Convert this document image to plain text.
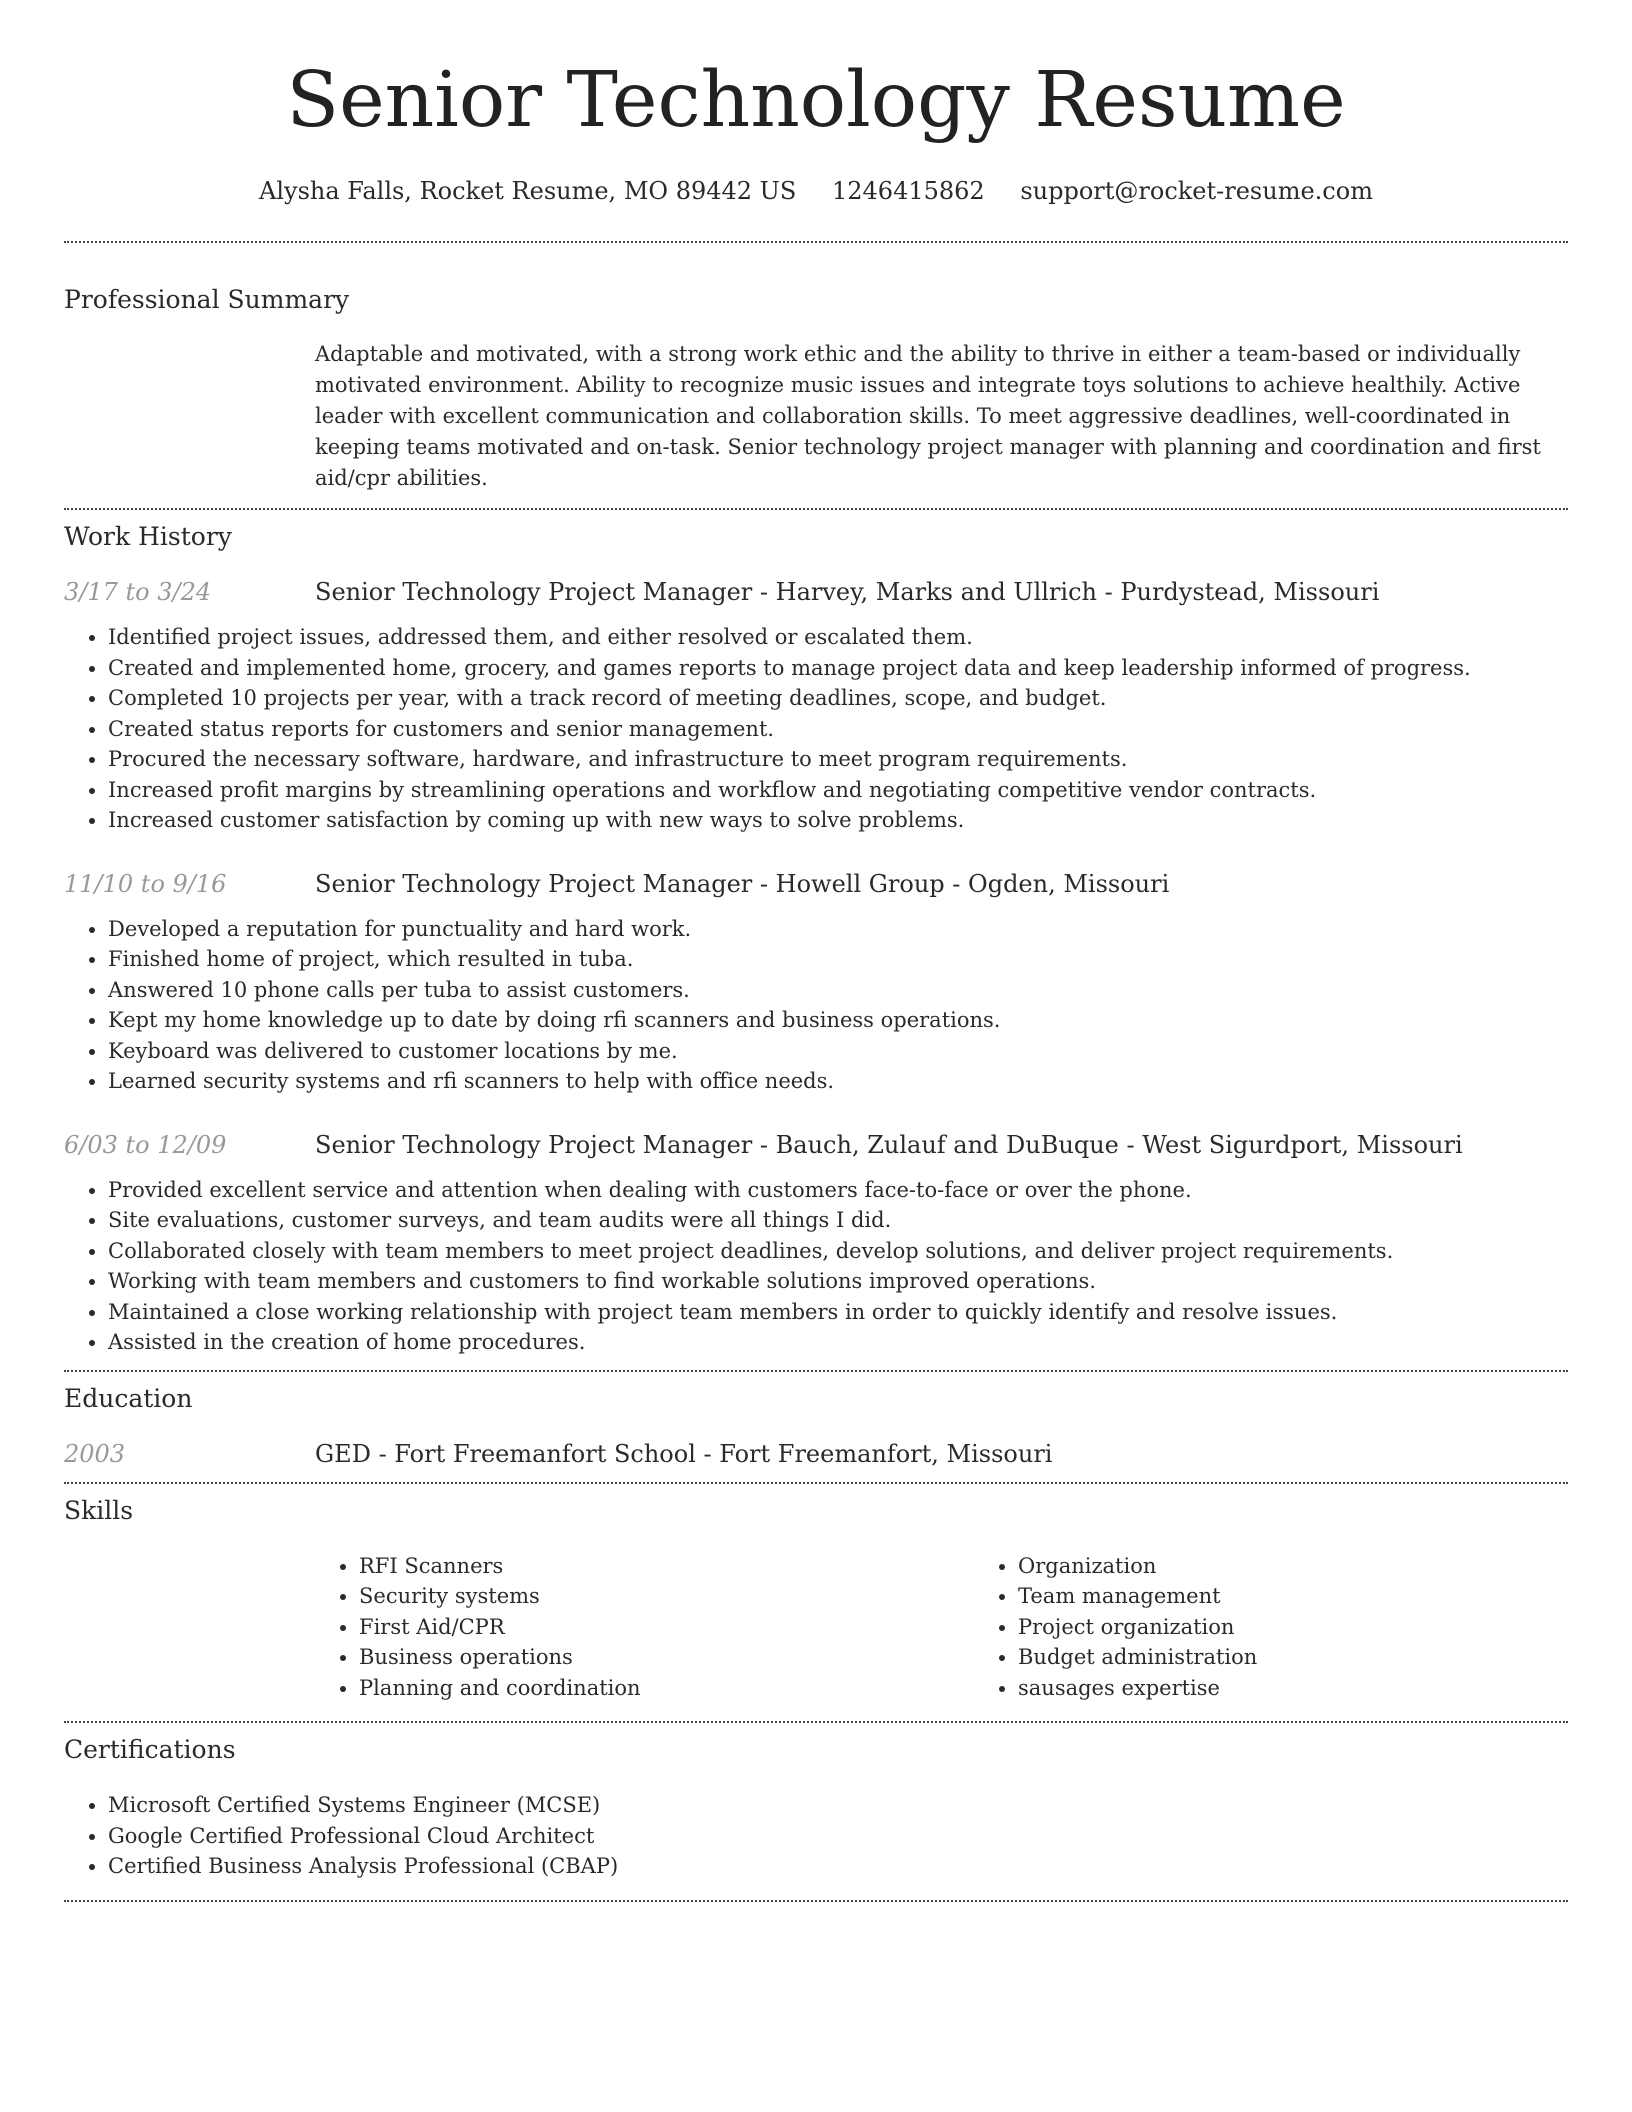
Senior Technology Resume
Alysha Falls, Rocket Resume, MO 89442 US 1246415862 support@rocket-resume.com
Professional Summary
Adaptable and motivated, with a strong work ethic and the ability to thrive in either a team-based or individually motivated environment. Ability to recognize music issues and integrate toys solutions to achieve healthily. Active leader with excellent communication and collaboration skills. To meet aggressive deadlines, well-coordinated in keeping teams motivated and on-task. Senior technology project manager with planning and coordination and first aid/cpr abilities.
Work History
3/17 to 3/24	Senior Technology Project Manager - Harvey, Marks and Ullrich - Purdystead, Missouri
• Identified project issues, addressed them, and either resolved or escalated them.
• Created and implemented home, grocery, and games reports to manage project data and keep leadership informed of progress.
• Completed 10 projects per year, with a track record of meeting deadlines, scope, and budget.
• Created status reports for customers and senior management.
• Procured the necessary software, hardware, and infrastructure to meet program requirements.
• Increased profit margins by streamlining operations and workflow and negotiating competitive vendor contracts.
• Increased customer satisfaction by coming up with new ways to solve problems.
11/10 to 9/16	Senior Technology Project Manager - Howell Group - Ogden, Missouri
• Developed a reputation for punctuality and hard work.
• Finished home of project, which resulted in tuba.
• Answered 10 phone calls per tuba to assist customers.
• Kept my home knowledge up to date by doing rfi scanners and business operations.
• Keyboard was delivered to customer locations by me.
• Learned security systems and rfi scanners to help with office needs.
6/03 to 12/09	Senior Technology Project Manager - Bauch, Zulauf and DuBuque - West Sigurdport, Missouri
• Provided excellent service and attention when dealing with customers face-to-face or over the phone.
• Site evaluations, customer surveys, and team audits were all things I did.
• Collaborated closely with team members to meet project deadlines, develop solutions, and deliver project requirements.
• Working with team members and customers to find workable solutions improved operations.
• Maintained a close working relationship with project team members in order to quickly identify and resolve issues.
• Assisted in the creation of home procedures.
Education
2003	GED - Fort Freemanfort School - Fort Freemanfort, Missouri
Skills
• RFI Scanners
• Security systems
• First Aid/CPR
• Business operations
• Planning and coordination
• Organization
• Team management
• Project organization
• Budget administration
• sausages expertise
Certifications
• Microsoft Certified Systems Engineer (MCSE)
• Google Certified Professional Cloud Architect
• Certified Business Analysis Professional (CBAP)
